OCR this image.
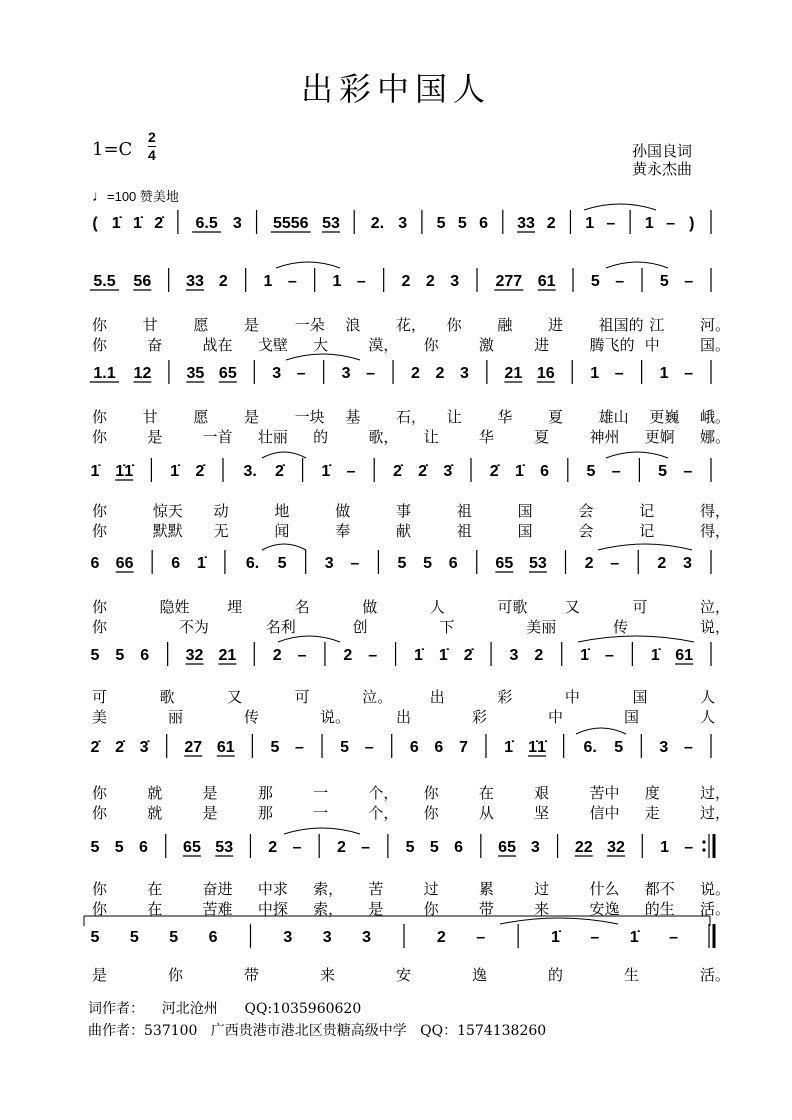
出彩中国人
1=C
2
4	孙国良词
黄永杰曲
♩=100 赞美地
( 1̇ 1̇ 2̇ 6.5 3 5556 53 2. 3 5 5 6 33 2 1 – 1 – )
5.5 56 33 2 1 – 1 – 2 2 3 277 61 5 – 5 –
你 甘 愿 是 一朵 浪 花， 你 融 进 祖国的 江 河。
你	奋	战在 戈壁 大	漠， 你	激	进	腾飞的 中	国。
1.1 12 35 65 3 – 3 – 2 2 3 21 16 1 – 1 –
你 甘 愿 是 一块 基 石， 让 华 夏 雄山 更巍 峨。
你	是	一首 壮丽 的	歌， 让	华	夏	神州 更婀 娜。
1̇ 1̇1̇ 1̇ 2̇ 3. 2̇ 1̇ – 2̇ 2̇ 3̇ 2̇ 1̇ 6 5 – 5 –
你	惊天 动	地	做	事	祖	国	会	记	得，
你	默默 无	闻	奉	献	祖	国	会	记	得，
6 66 6 1̇	6. 5 3 – 5 5 6 65 53 2 – 2 3
你	隐姓	埋	名	做	人	可歌	又	可	泣，
你	不为	名利	创	下	美丽	传	说，
5 5 6 32 21 2 – 2 – 1̇ 1̇ 2̇ 3 2 1̇ – 1̇ 61
可	歌	又	可	泣。	出	彩	中	国	人
美	丽	传	说。	出	彩	中	国	人
2̇ 2̇ 3̇ 27 61 5 – 5 – 6 6 7 1̇ 1̇1̇ 6. 5 3 –
你	就	是	那	一	个， 你	在	艰	苦中 度	过，
你	就	是	那	一	个， 你	从	坚	信中 走	过，
5 5 6 65 53 2 – 2 – 5 5 6 65 3 22 32 1 –
你	在	奋进 中求 索， 苦	过	累	过	什么 都不 说。
你	在	苦难 中探 索， 是	你	带	来	安逸 的生 活。
5 5 5 6	3 3 3	2 –	1̇ – 1̇ –
是	你	带	来	安	逸	的	生	活。
词作者：    河北沧州      QQ:1035960620
曲作者：537100   广西贵港市港北区贵糖高级中学   QQ：1574138260
